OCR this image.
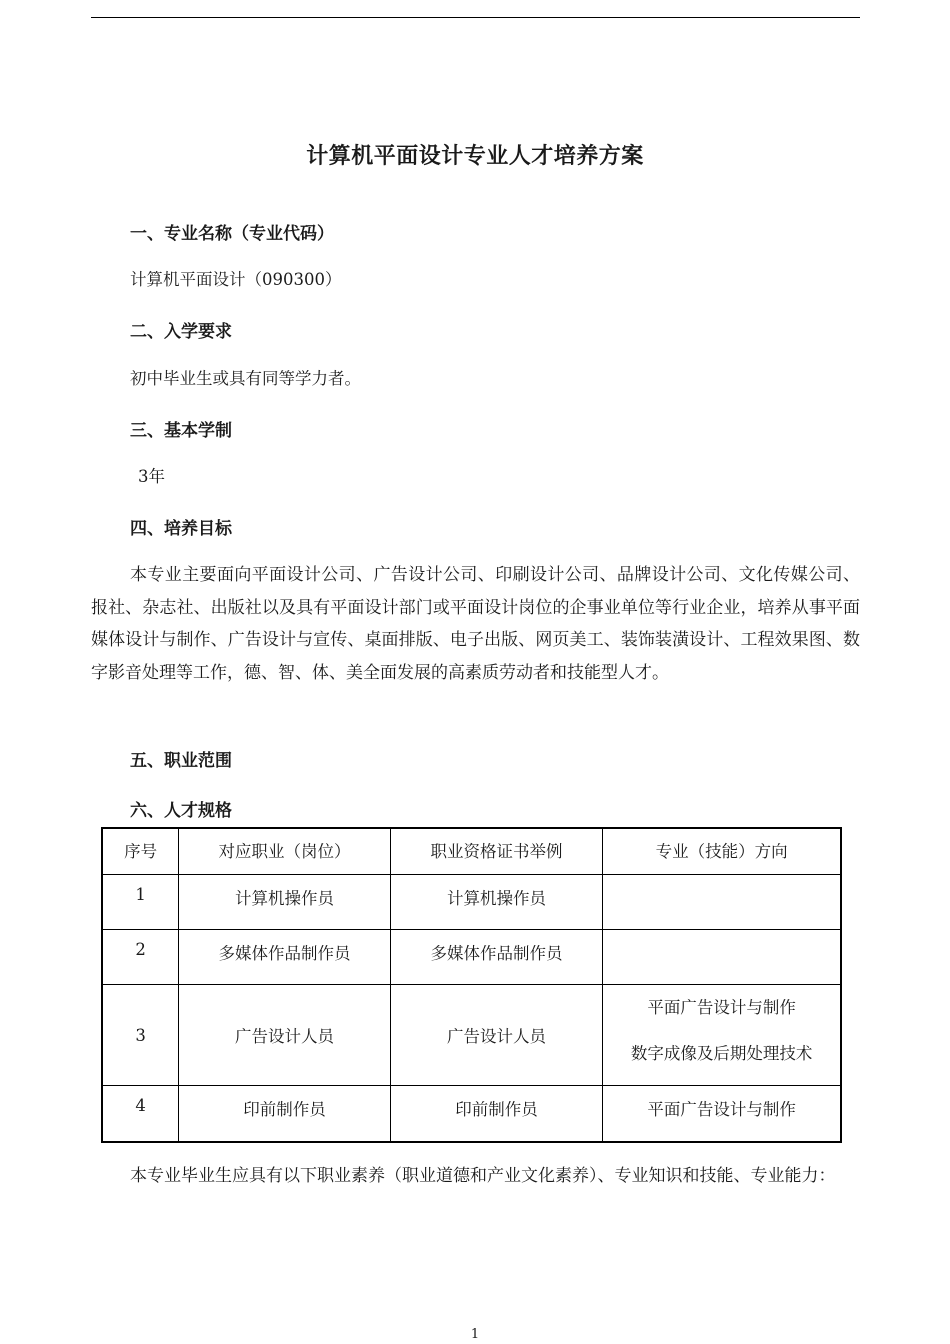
计算机平面设计专业人才培养方案
一、专业名称（专业代码）
计算机平面设计（090300）
二、入学要求
初中毕业生或具有同等学力者。
三、基本学制
3年
四、培养目标
本专业主要面向平面设计公司、广告设计公司、印刷设计公司、品牌设计公司、文化传媒公司、报社、杂志社、出版社以及具有平面设计部门或平面设计岗位的企事业单位等行业企业，培养从事平面媒体设计与制作、广告设计与宣传、桌面排版、电子出版、网页美工、装饰装潢设计、工程效果图、数字影音处理等工作，德、智、体、美全面发展的高素质劳动者和技能型人才。
五、职业范围
六、人才规格
序号	对应职业（岗位）	职业资格证书举例	专业（技能）方向
1	计算机操作员	计算机操作员	
2	多媒体作品制作员	多媒体作品制作员	
3	广告设计人员	广告设计人员	平面广告设计与制作
数字成像及后期处理技术

4	印前制作员	印前制作员	平面广告设计与制作
本专业毕业生应具有以下职业素养（职业道德和产业文化素养）、专业知识和技能、专业能力：
1
